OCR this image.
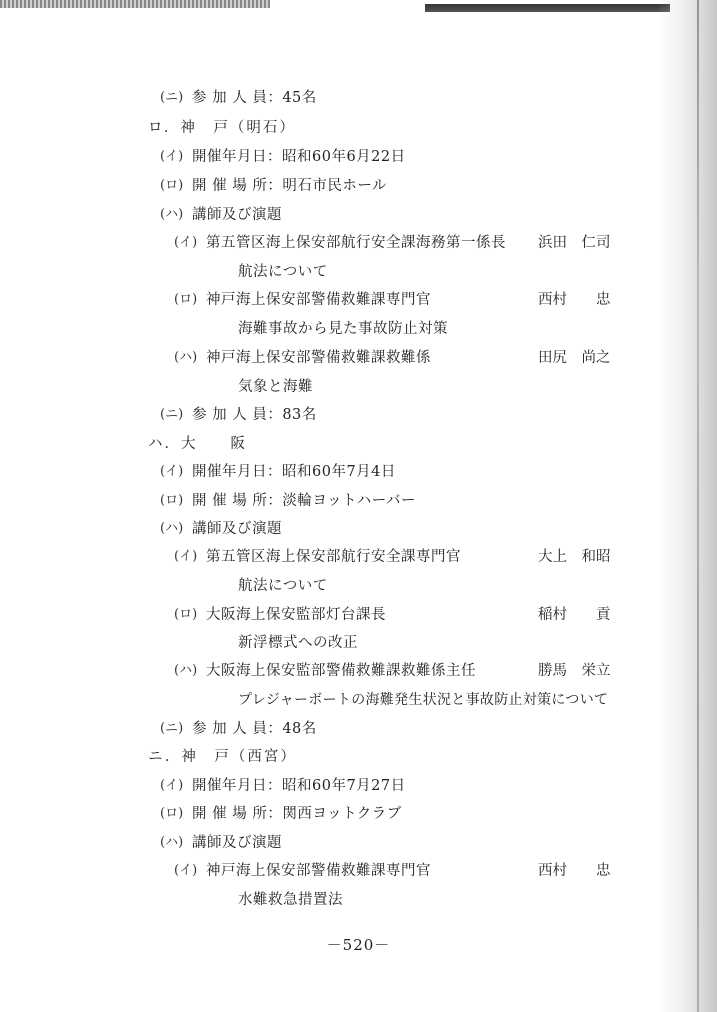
(ニ) 参 加 人 員：45名

ロ．神　戸（明石）

(イ) 開催年月日：昭和60年6月22日

(ロ) 開 催 場 所：明石市民ホール

(ハ) 講師及び演題

(イ) 第五管区海上保安部航行安全課海務第一係長 浜田　仁司

航法について

(ロ) 神戸海上保安部警備救難課専門官	西村　　忠

海難事故から見た事故防止対策

(ハ) 神戸海上保安部警備救難課救難係	田尻　尚之

気象と海難

(ニ) 参 加 人 員：83名

ハ．大　　阪

(イ) 開催年月日：昭和60年7月4日

(ロ) 開 催 場 所：淡輪ヨットハーバー

(ハ) 講師及び演題

(イ) 第五管区海上保安部航行安全課専門官	大上　和昭

航法について

(ロ) 大阪海上保安監部灯台課長	稲村　　貢

新浮標式への改正

(ハ) 大阪海上保安監部警備救難課救難係主任	勝馬　栄立

プレジャーボートの海難発生状況と事故防止対策について

(ニ) 参 加 人 員：48名

ニ．神　戸（西宮）

(イ) 開催年月日：昭和60年7月27日

(ロ) 開 催 場 所：関西ヨットクラブ

(ハ) 講師及び演題

(イ) 神戸海上保安部警備救難課専門官	西村　　忠

水難救急措置法

－520－
